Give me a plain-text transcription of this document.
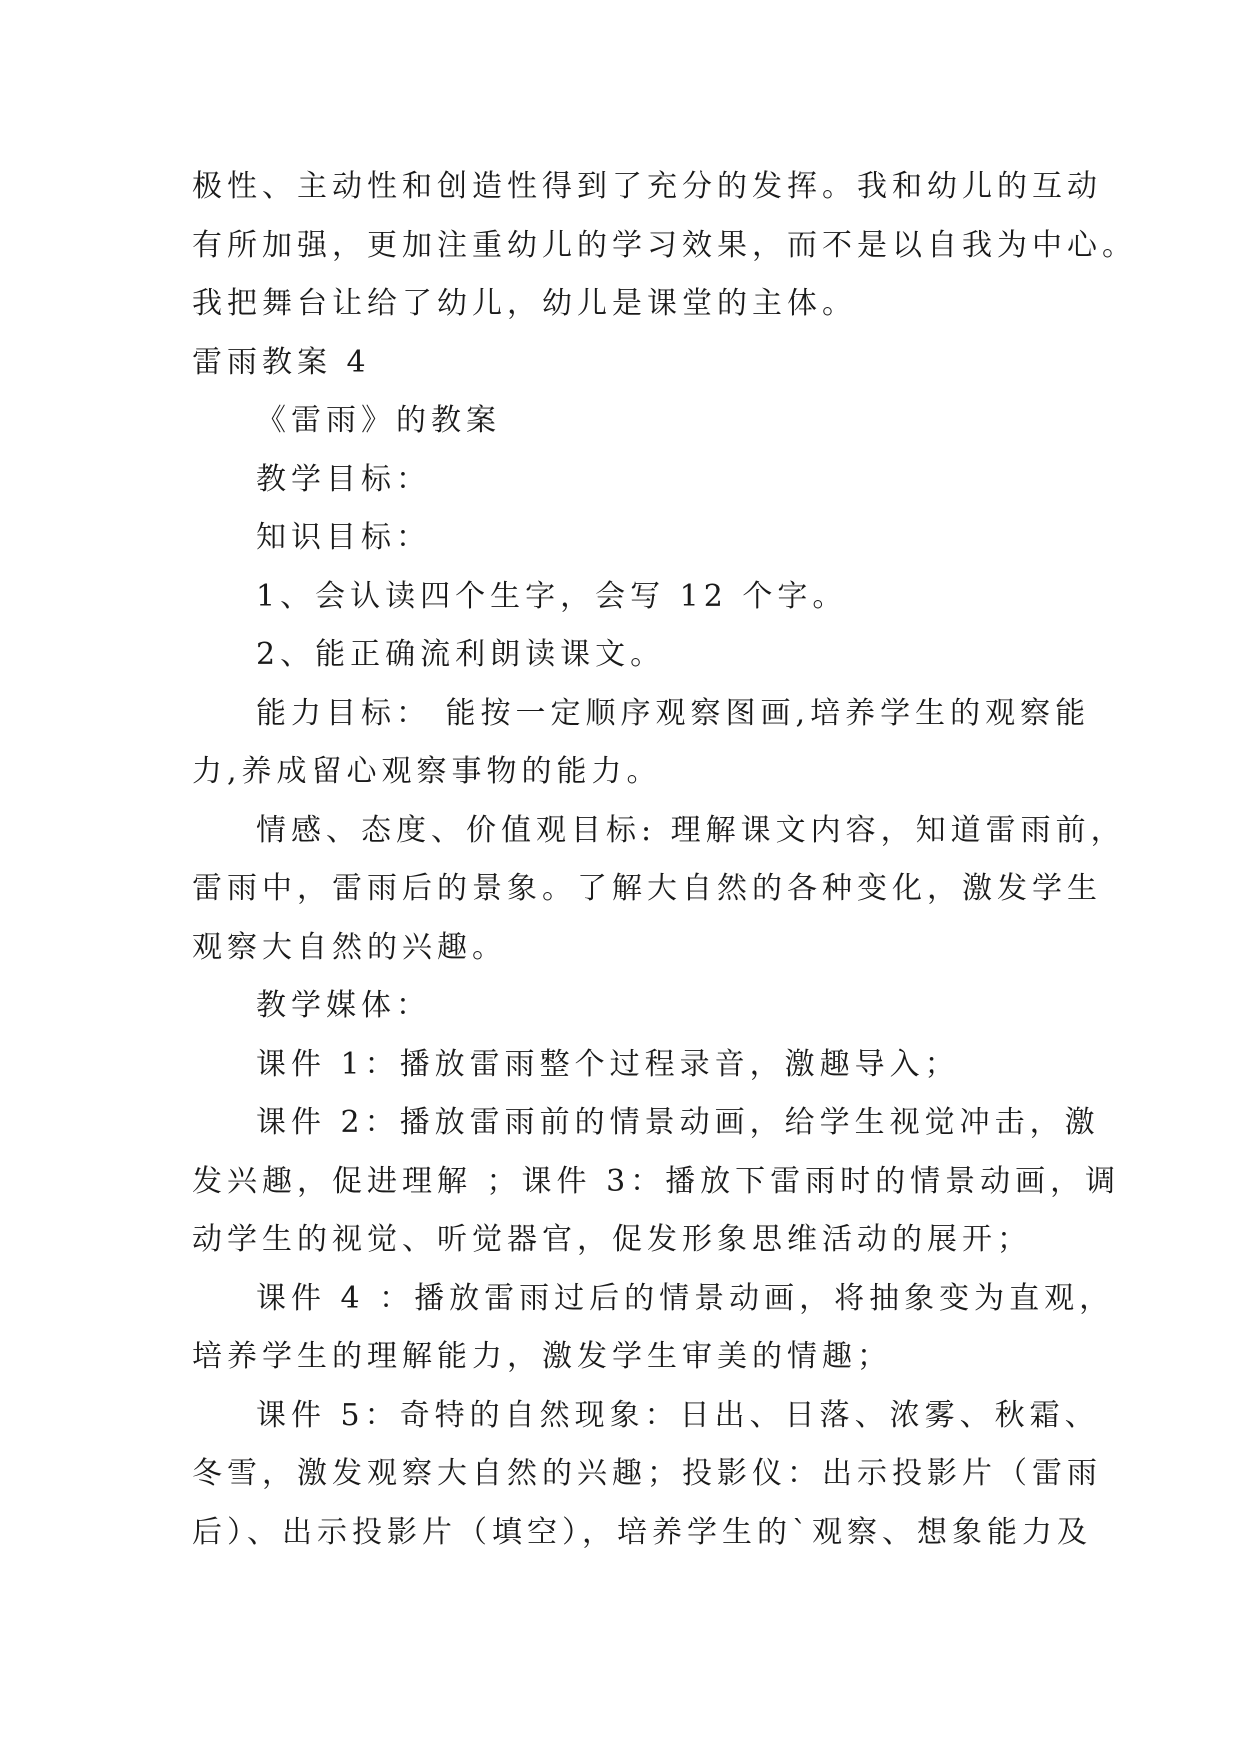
极性、主动性和创造性得到了充分的发挥。我和幼儿的互动
有所加强，更加注重幼儿的学习效果，而不是以自我为中心。
我把舞台让给了幼儿，幼儿是课堂的主体。
雷雨教案 4
《雷雨》的教案
教学目标：
知识目标：
1、会认读四个生字，会写 12 个字。
2、能正确流利朗读课文。
能力目标： 能按一定顺序观察图画,培养学生的观察能
力,养成留心观察事物的能力。
情感、态度、价值观目标: 理解课文内容，知道雷雨前，
雷雨中，雷雨后的景象。了解大自然的各种变化，激发学生
观察大自然的兴趣。
教学媒体：
课件 1：播放雷雨整个过程录音，激趣导入；
课件 2：播放雷雨前的情景动画，给学生视觉冲击，激
发兴趣，促进理解 ；课件 3：播放下雷雨时的情景动画，调
动学生的视觉、听觉器官，促发形象思维活动的展开；
课件 4 ：播放雷雨过后的情景动画，将抽象变为直观，
培养学生的理解能力，激发学生审美的情趣；
课件 5：奇特的自然现象：日出、日落、浓雾、秋霜、
冬雪，激发观察大自然的兴趣；投影仪：出示投影片（雷雨
后）、出示投影片（填空），培养学生的`观察、想象能力及
